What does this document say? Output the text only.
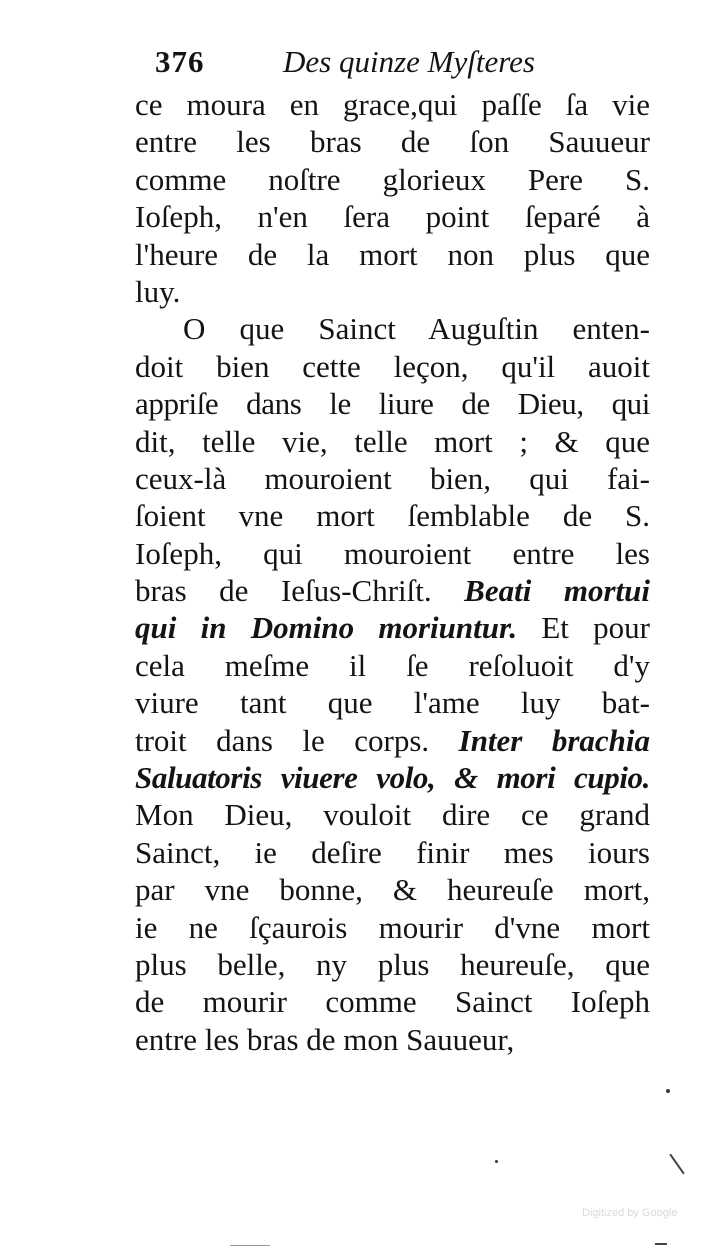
376	Des quinze Myſteres
ce moura en grace,qui paſſe ſa vie
entre les bras de ſon Sauueur
comme noſtre glorieux Pere S.
Ioſeph, n'en ſera point ſeparé à
l'heure de la mort non plus que
luy.
O que Sainct Auguſtin enten-
doit bien cette leçon, qu'il auoit
appriſe dans le liure de Dieu, qui
dit, telle vie, telle mort ; & que
ceux-là mouroient bien, qui fai-
ſoient vne mort ſemblable de S.
Ioſeph, qui mouroient entre les
bras de Ieſus-Chriſt. Beati mortui
qui in Domino moriuntur. Et pour
cela meſme il ſe reſoluoit d'y
viure tant que l'ame luy bat-
troit dans le corps. Inter brachia
Saluatoris viuere volo, & mori cupio.
Mon Dieu, vouloit dire ce grand
Sainct, ie deſire finir mes iours
par vne bonne, & heureuſe mort,
ie ne ſçaurois mourir d'vne mort
plus belle, ny plus heureuſe, que
de mourir comme Sainct Ioſeph
entre les bras de mon Sauueur,
Digitized by Google
